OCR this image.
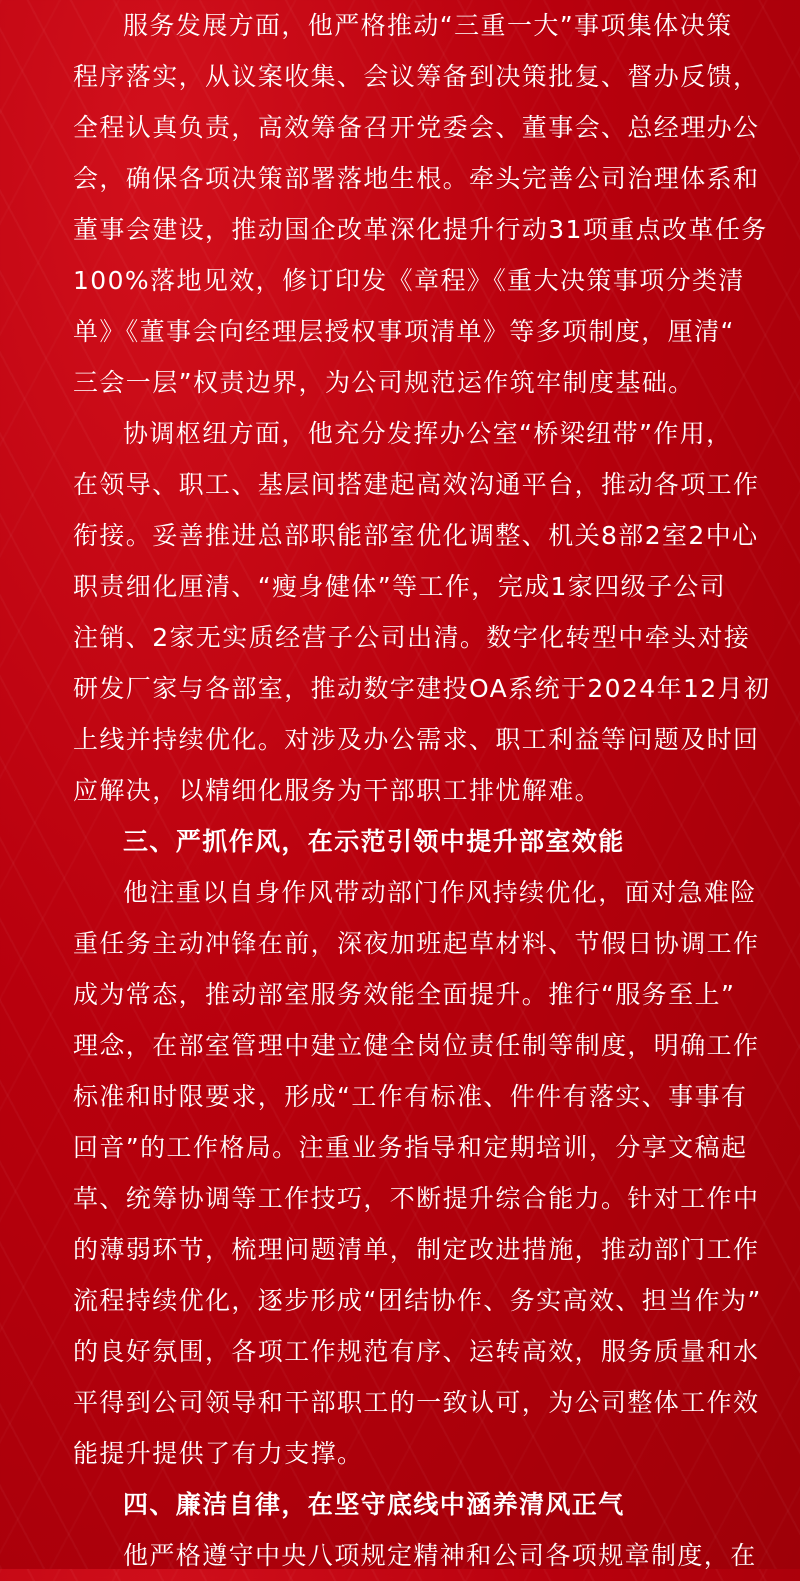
服务发展方面，他严格推动“三重一大”事项集体决策
程序落实，从议案收集、会议筹备到决策批复、督办反馈，
全程认真负责，高效筹备召开党委会、董事会、总经理办公
会，确保各项决策部署落地生根。牵头完善公司治理体系和
董事会建设，推动国企改革深化提升行动31项重点改革任务
100%落地见效，修订印发《章程》《重大决策事项分类清
单》《董事会向经理层授权事项清单》等多项制度，厘清“
三会一层”权责边界，为公司规范运作筑牢制度基础。
协调枢纽方面，他充分发挥办公室“桥梁纽带”作用，
在领导、职工、基层间搭建起高效沟通平台，推动各项工作
衔接。妥善推进总部职能部室优化调整、机关8部2室2中心
职责细化厘清、“瘦身健体”等工作，完成1家四级子公司
注销、2家无实质经营子公司出清。数字化转型中牵头对接
研发厂家与各部室，推动数字建投OA系统于2024年12月初
上线并持续优化。对涉及办公需求、职工利益等问题及时回
应解决，以精细化服务为干部职工排忧解难。
三、严抓作风，在示范引领中提升部室效能
他注重以自身作风带动部门作风持续优化，面对急难险
重任务主动冲锋在前，深夜加班起草材料、节假日协调工作
成为常态，推动部室服务效能全面提升。推行“服务至上”
理念，在部室管理中建立健全岗位责任制等制度，明确工作
标准和时限要求，形成“工作有标准、件件有落实、事事有
回音”的工作格局。注重业务指导和定期培训，分享文稿起
草、统筹协调等工作技巧，不断提升综合能力。针对工作中
的薄弱环节，梳理问题清单，制定改进措施，推动部门工作
流程持续优化，逐步形成“团结协作、务实高效、担当作为”
的良好氛围，各项工作规范有序、运转高效，服务质量和水
平得到公司领导和干部职工的一致认可，为公司整体工作效
能提升提供了有力支撑。
四、廉洁自律，在坚守底线中涵养清风正气
他严格遵守中央八项规定精神和公司各项规章制度，在
